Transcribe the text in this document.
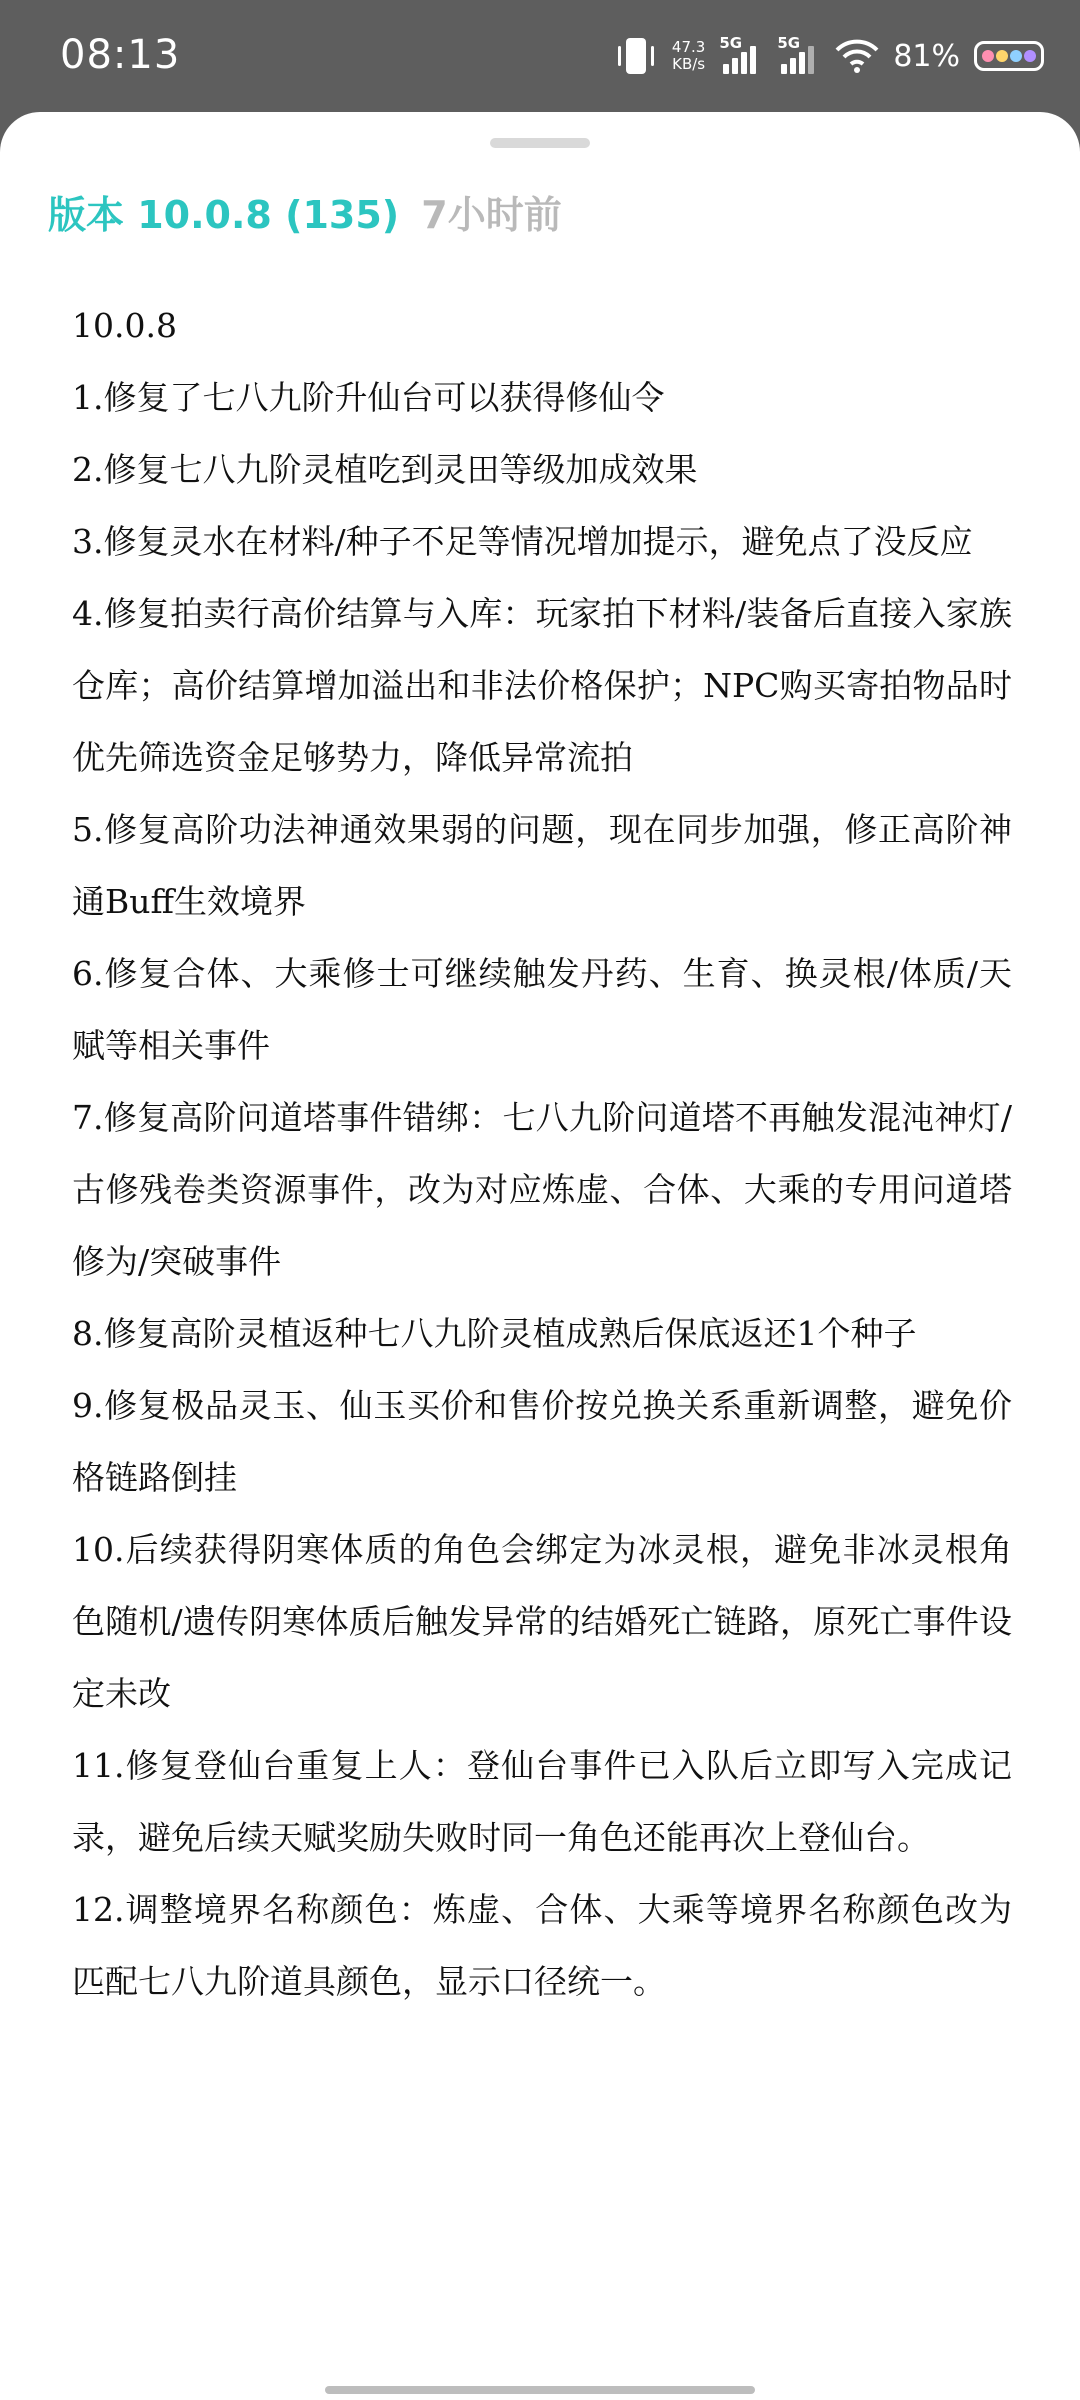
08:13	47.3
KB/s
5G 5G	81%
版本 10.0.8 (135) 7小时前

10.0.8

1.修复了七八九阶升仙台可以获得修仙令

2.修复七八九阶灵植吃到灵田等级加成效果

3.修复灵水在材料/种子不足等情况增加提示，避免点了没反应

4.修复拍卖行高价结算与入库：玩家拍下材料/装备后直接入家族仓库；高价结算增加溢出和非法价格保护；NPC购买寄拍物品时优先筛选资金足够势力，降低异常流拍

5.修复高阶功法神通效果弱的问题，现在同步加强，修正高阶神通Buff生效境界

6.修复合体、大乘修士可继续触发丹药、生育、换灵根/体质/天赋等相关事件

7.修复高阶问道塔事件错绑：七八九阶问道塔不再触发混沌神灯/古修残卷类资源事件，改为对应炼虚、合体、大乘的专用问道塔修为/突破事件

8.修复高阶灵植返种七八九阶灵植成熟后保底返还1个种子

9.修复极品灵玉、仙玉买价和售价按兑换关系重新调整，避免价格链路倒挂

10.后续获得阴寒体质的角色会绑定为冰灵根，避免非冰灵根角色随机/遗传阴寒体质后触发异常的结婚死亡链路，原死亡事件设定未改

11.修复登仙台重复上人：登仙台事件已入队后立即写入完成记录，避免后续天赋奖励失败时同一角色还能再次上登仙台。

12.调整境界名称颜色：炼虚、合体、大乘等境界名称颜色改为匹配七八九阶道具颜色，显示口径统一。
